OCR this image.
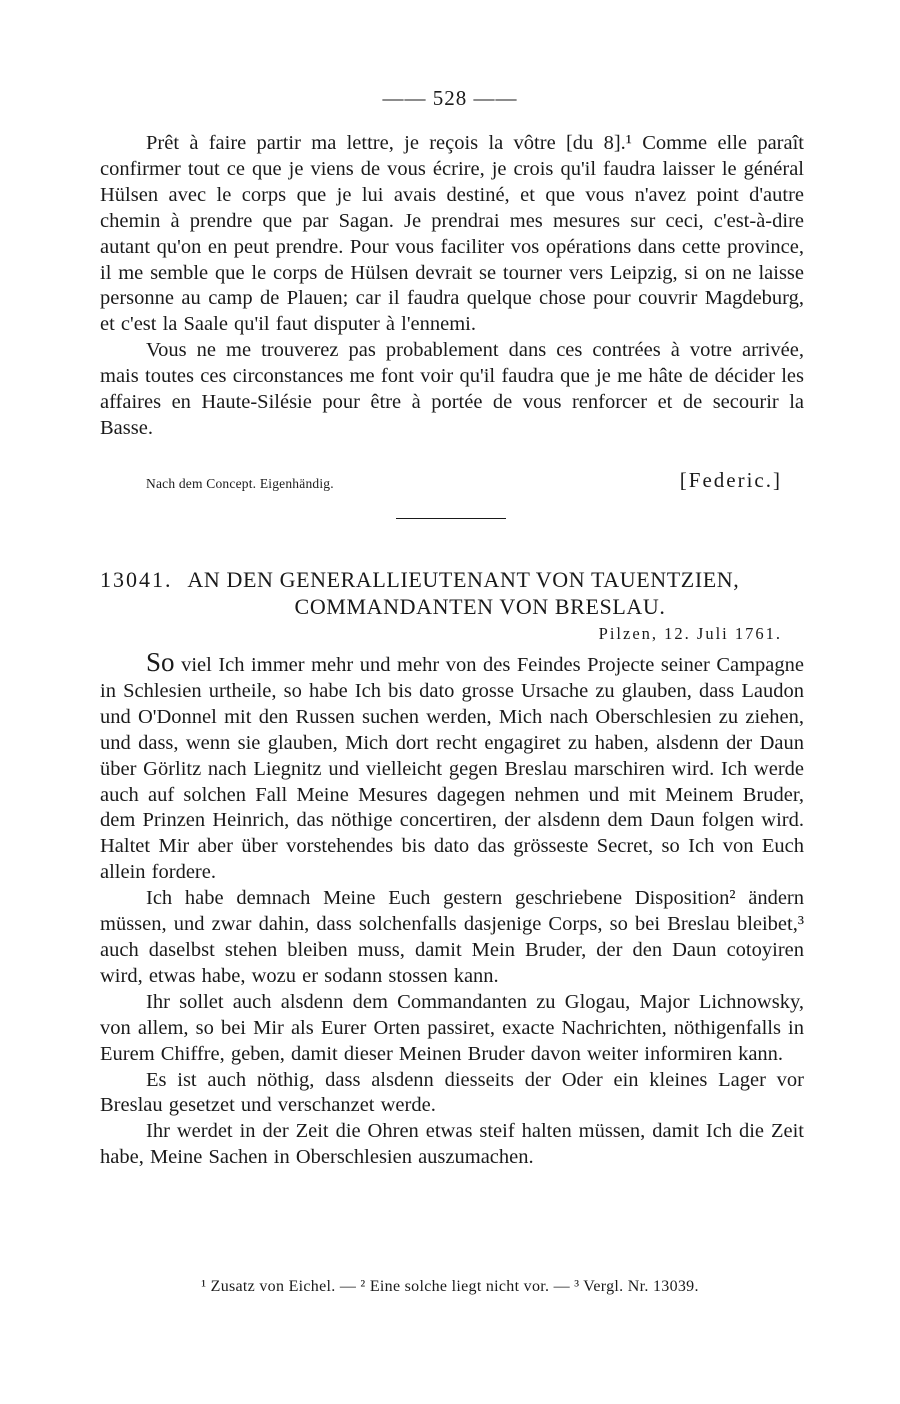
—— 528 ——

Prêt à faire partir ma lettre, je reçois la vôtre [du 8].¹ Comme elle paraît confirmer tout ce que je viens de vous écrire, je crois qu'il faudra laisser le général Hülsen avec le corps que je lui avais destiné, et que vous n'avez point d'autre chemin à prendre que par Sagan. Je prendrai mes mesures sur ceci, c'est-à-dire autant qu'on en peut prendre. Pour vous faciliter vos opérations dans cette province, il me semble que le corps de Hülsen devrait se tourner vers Leipzig, si on ne laisse personne au camp de Plauen; car il faudra quelque chose pour couvrir Magdeburg, et c'est la Saale qu'il faut disputer à l'ennemi.

Vous ne me trouverez pas probablement dans ces contrées à votre arrivée, mais toutes ces circonstances me font voir qu'il faudra que je me hâte de décider les affaires en Haute-Silésie pour être à portée de vous renforcer et de secourir la Basse.

Nach dem Concept. Eigenhändig.	[Federic.]
13041. AN DEN GENERALLIEUTENANT VON TAUENTZIEN,
COMMANDANTEN VON BRESLAU.
Pilzen, 12. Juli 1761.

So viel Ich immer mehr und mehr von des Feindes Projecte seiner Campagne in Schlesien urtheile, so habe Ich bis dato grosse Ursache zu glauben, dass Laudon und O'Donnel mit den Russen suchen werden, Mich nach Oberschlesien zu ziehen, und dass, wenn sie glauben, Mich dort recht engagiret zu haben, alsdenn der Daun über Görlitz nach Liegnitz und vielleicht gegen Breslau marschiren wird. Ich werde auch auf solchen Fall Meine Mesures dagegen nehmen und mit Meinem Bruder, dem Prinzen Heinrich, das nöthige concertiren, der alsdenn dem Daun folgen wird. Haltet Mir aber über vorstehendes bis dato das grösseste Secret, so Ich von Euch allein fordere.

Ich habe demnach Meine Euch gestern geschriebene Disposition² ändern müssen, und zwar dahin, dass solchenfalls dasjenige Corps, so bei Breslau bleibet,³ auch daselbst stehen bleiben muss, damit Mein Bruder, der den Daun cotoyiren wird, etwas habe, wozu er sodann stossen kann.

Ihr sollet auch alsdenn dem Commandanten zu Glogau, Major Lichnowsky, von allem, so bei Mir als Eurer Orten passiret, exacte Nachrichten, nöthigenfalls in Eurem Chiffre, geben, damit dieser Meinen Bruder davon weiter informiren kann.

Es ist auch nöthig, dass alsdenn diesseits der Oder ein kleines Lager vor Breslau gesetzet und verschanzet werde.

Ihr werdet in der Zeit die Ohren etwas steif halten müssen, damit Ich die Zeit habe, Meine Sachen in Oberschlesien auszumachen.

¹ Zusatz von Eichel. — ² Eine solche liegt nicht vor. — ³ Vergl. Nr. 13039.
